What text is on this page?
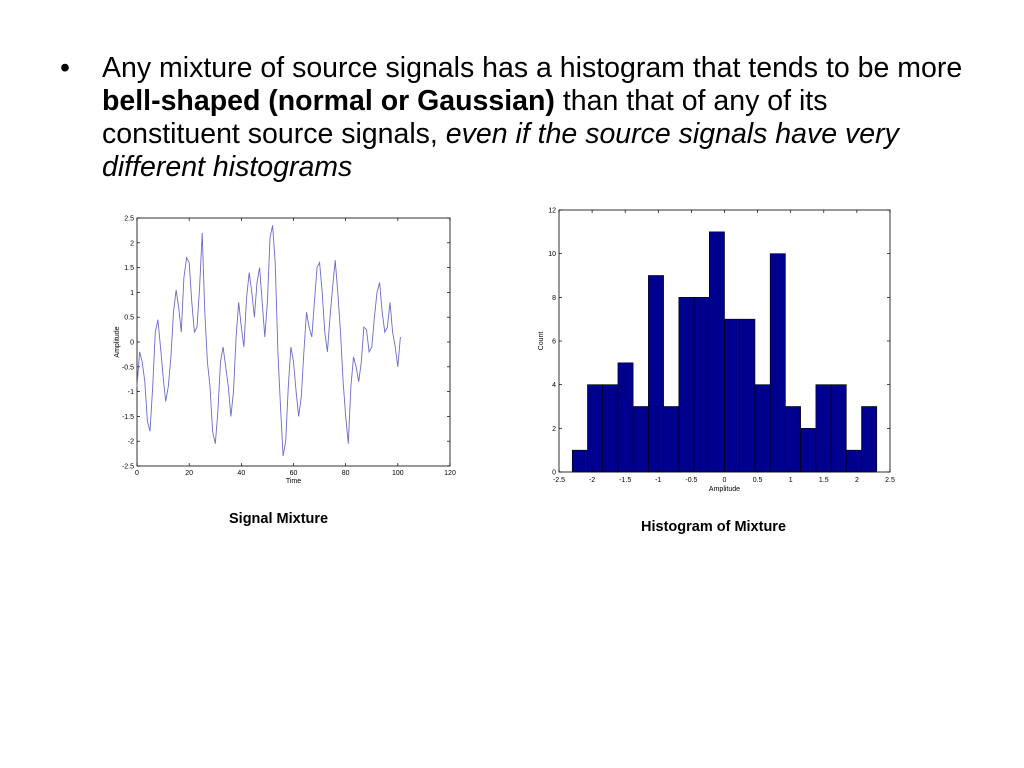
•	Any mixture of source signals has a histogram that tends to be more bell-shaped (normal or Gaussian) than that of any of its constituent source signals, even if the source signals have very different histograms
-2.5
-2
-1.5
-1
-0.5
0
0.5
1
1.5
2
2.5
0	20	40	60	80	100	120
Time
Amplitude
0
2
4
6
8
10
12
-2.5	-2	-1.5	-1	-0.5	0	0.5	1	1.5	2	2.5
Amplitude
Count
Signal Mixture	Histogram of Mixture
